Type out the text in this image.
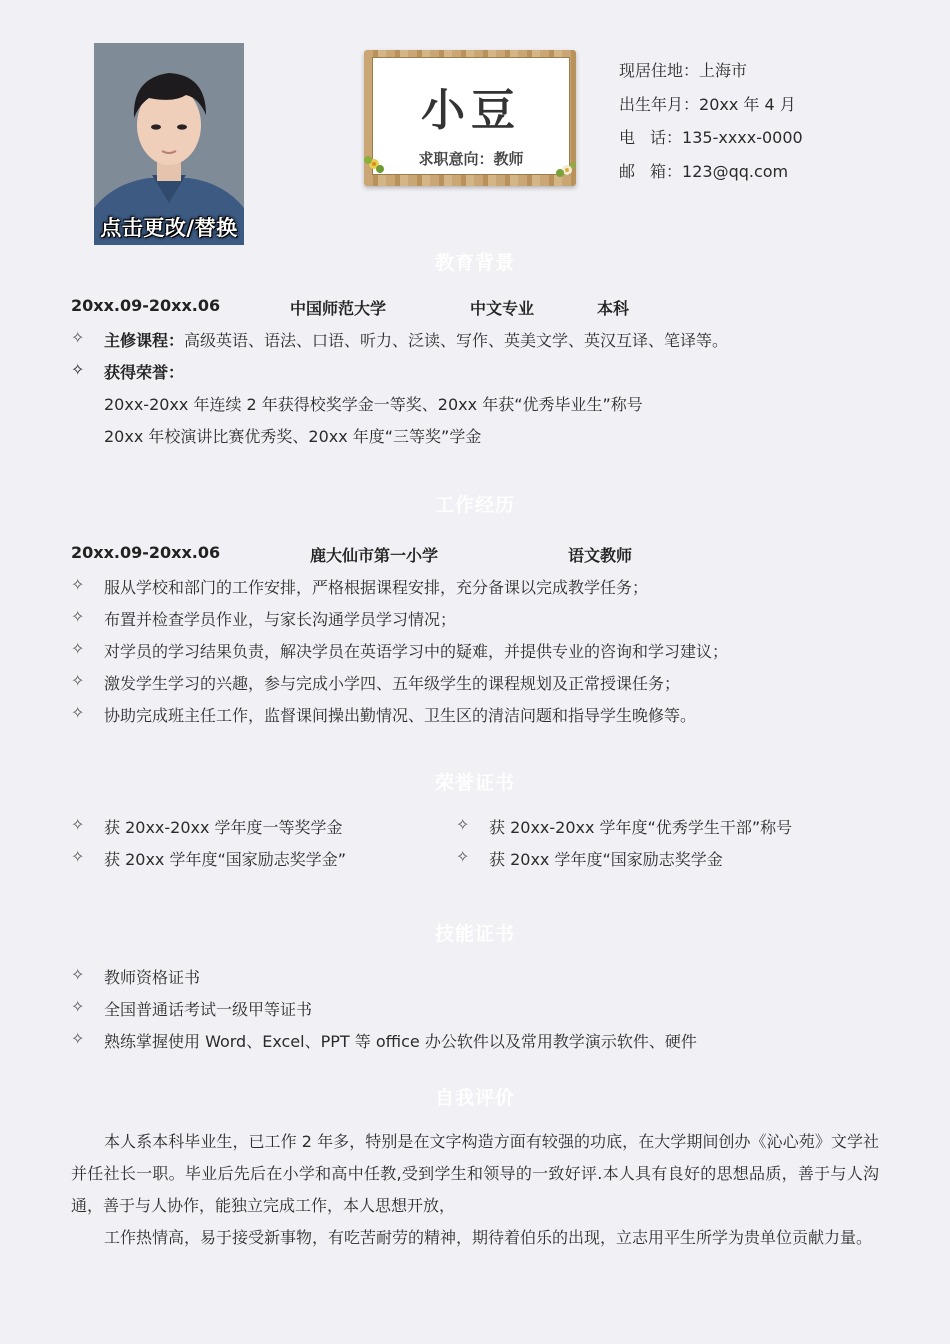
点击更改/替换
小豆
求职意向：教师
现居住地：上海市
出生年月：20xx 年 4 月
电话：135-xxxx-0000
邮箱：123@qq.com
教育背景
20xx.09-20xx.06	中国师范大学	中文专业	本科
✧ 主修课程：高级英语、语法、口语、听力、泛读、写作、英美文学、英汉互译、笔译等。
✧ 获得荣誉：
20xx-20xx 年连续 2 年获得校奖学金一等奖、20xx 年获“优秀毕业生”称号
20xx 年校演讲比赛优秀奖、20xx 年度“三等奖”学金
工作经历
20xx.09-20xx.06	鹿大仙市第一小学	语文教师
✧ 服从学校和部门的工作安排，严格根据课程安排，充分备课以完成教学任务；
✧ 布置并检查学员作业，与家长沟通学员学习情况；
✧ 对学员的学习结果负责，解决学员在英语学习中的疑难，并提供专业的咨询和学习建议；
✧ 激发学生学习的兴趣，参与完成小学四、五年级学生的课程规划及正常授课任务；
✧ 协助完成班主任工作，监督课间操出勤情况、卫生区的清洁问题和指导学生晚修等。
荣誉证书
✧ 获 20xx-20xx 学年度一等奖学金	✧ 获 20xx-20xx 学年度“优秀学生干部”称号
✧ 获 20xx 学年度“国家励志奖学金”	✧ 获 20xx 学年度“国家励志奖学金
技能证书
✧ 教师资格证书
✧ 全国普通话考试一级甲等证书
✧ 熟练掌握使用 Word、Excel、PPT 等 office 办公软件以及常用教学演示软件、硬件
自我评价
本人系本科毕业生，已工作 2 年多，特别是在文字构造方面有较强的功底，在大学期间创办《沁心苑》文学社并任社长一职。毕业后先后在小学和高中任教,受到学生和领导的一致好评.本人具有良好的思想品质，善于与人沟通，善于与人协作，能独立完成工作，本人思想开放，
工作热情高，易于接受新事物，有吃苦耐劳的精神，期待着伯乐的出现，立志用平生所学为贵单位贡献力量。
